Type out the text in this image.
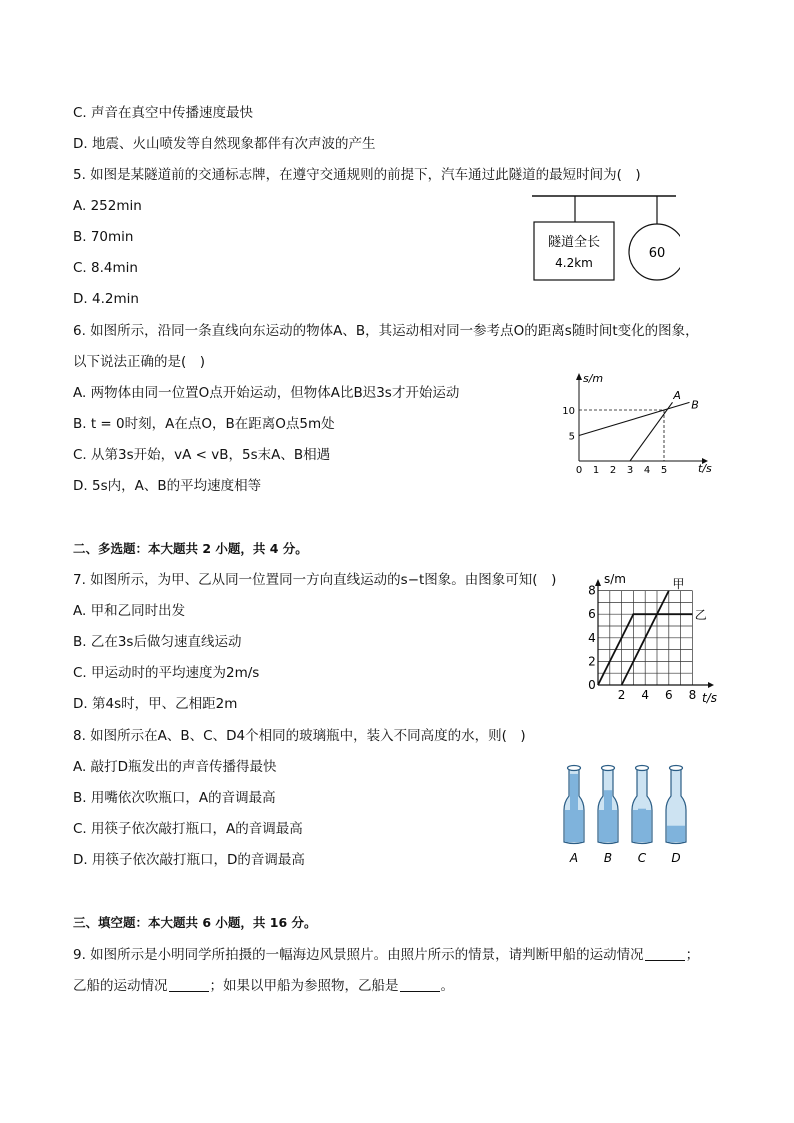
C. 声音在真空中传播速度最快
D. 地震、火山喷发等自然现象都伴有次声波的产生
5. 如图是某隧道前的交通标志牌，在遵守交通规则的前提下，汽车通过此隧道的最短时间为(　)
A. 252min
B. 70min
C. 8.4min
D. 4.2min
隧道全长
4.2km
60
6. 如图所示，沿同一条直线向东运动的物体A、B，其运动相对同一参考点O的距离s随时间t变化的图象，
以下说法正确的是(　)
A. 两物体由同一位置O点开始运动，但物体A比B迟3s才开始运动
B. t = 0时刻，A在点O，B在距离O点5m处
C. 从第3s开始，vA < vB，5s末A、B相遇
D. 5s内，A、B的平均速度相等
s/m
t/s
0 1 2 3 4 5
5
10
A
B
二、多选题：本大题共 2 小题，共 4 分。
7. 如图所示，为甲、乙从同一位置同一方向直线运动的s−t图象。由图象可知(　)
A. 甲和乙同时出发
B. 乙在3s后做匀速直线运动
C. 甲运动时的平均速度为2m/s
D. 第4s时，甲、乙相距2m
s/m
t/s
0
2 4 6 8
2
4
6
8	甲
乙
8. 如图所示在A、B、C、D4个相同的玻璃瓶中，装入不同高度的水，则(　)
A. 敲打D瓶发出的声音传播得最快
B. 用嘴依次吹瓶口，A的音调最高
C. 用筷子依次敲打瓶口，A的音调最高
D. 用筷子依次敲打瓶口，D的音调最高	A B C D
三、填空题：本大题共 6 小题，共 16 分。
9. 如图所示是小明同学所拍摄的一幅海边风景照片。由照片所示的情景，请判断甲船的运动情况	；
乙船的运动情况	；如果以甲船为参照物，乙船是	。
